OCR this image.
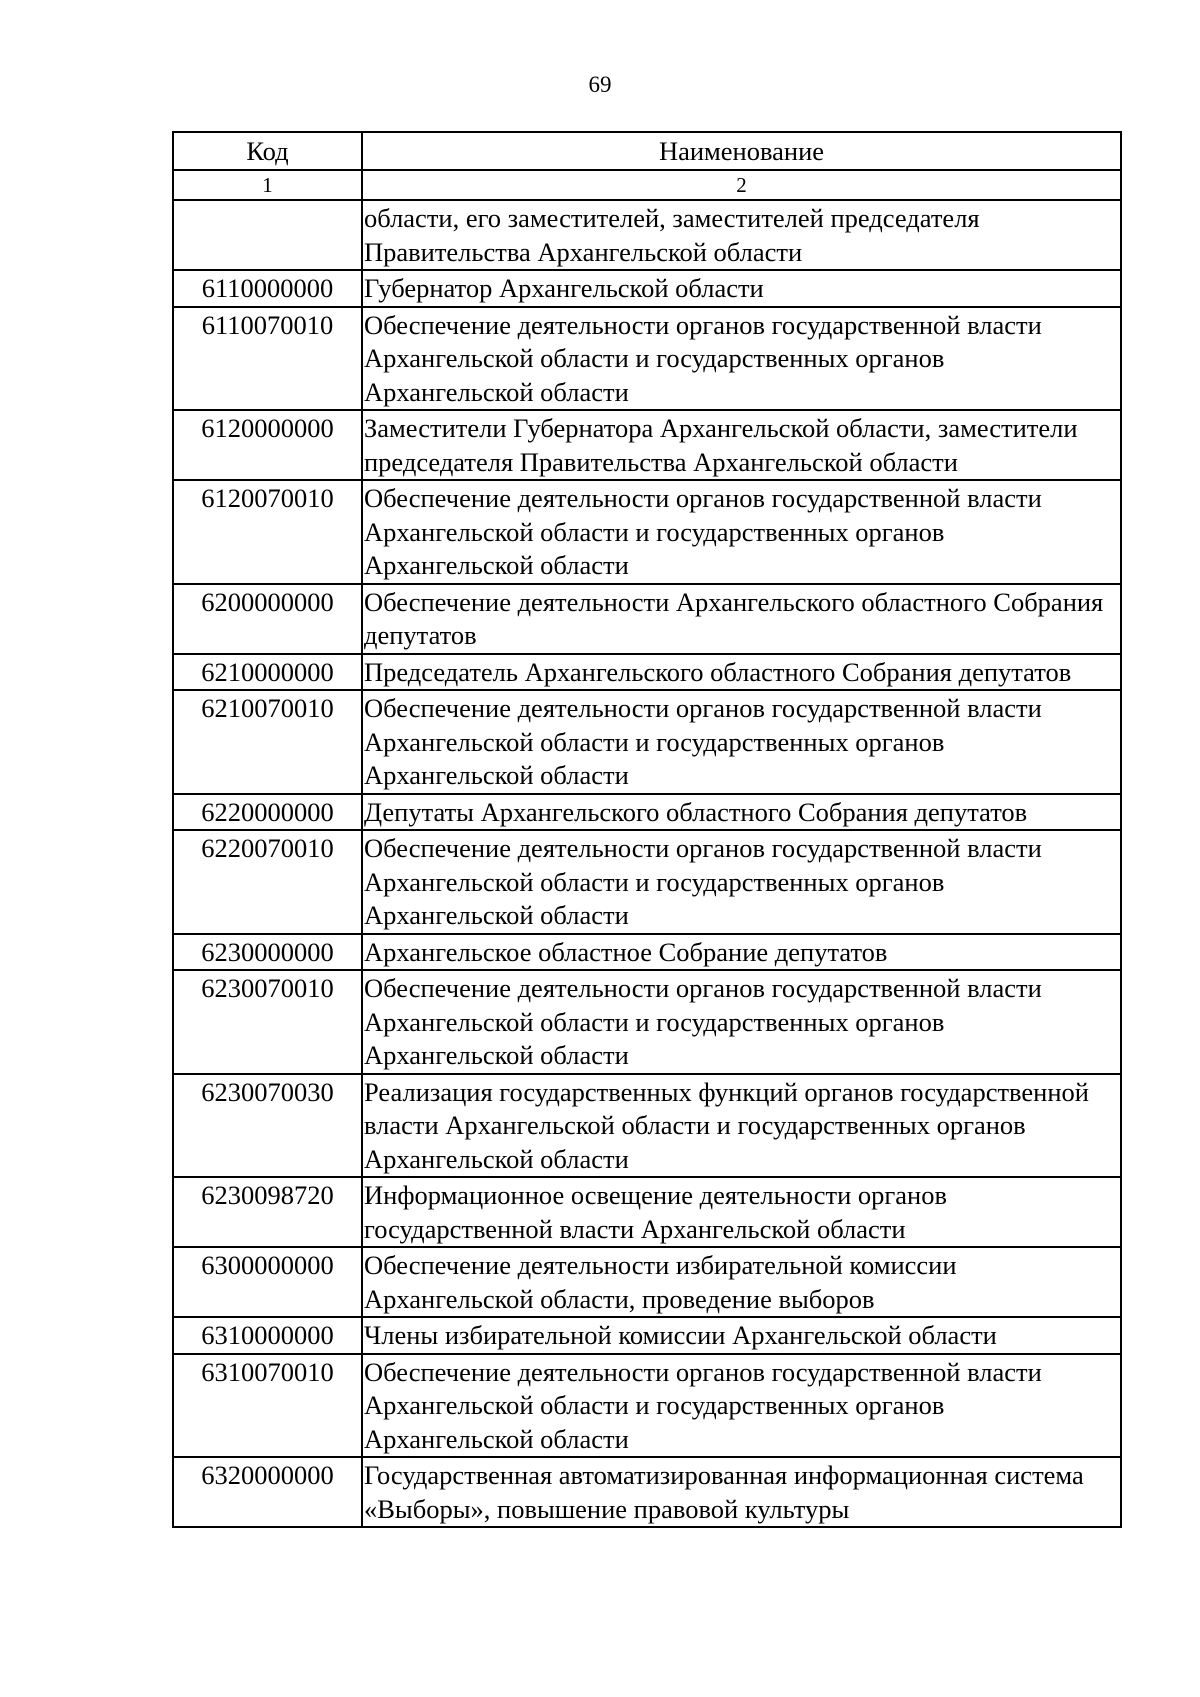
69
Код	Наименование
1	2
	области, его заместителей, заместителей председателя Правительства Архангельской области
6110000000	Губернатор Архангельской области
6110070010	Обеспечение деятельности органов государственной власти Архангельской области и государственных органов Архангельской области
6120000000	Заместители Губернатора Архангельской области, заместители председателя Правительства Архангельской области
6120070010	Обеспечение деятельности органов государственной власти Архангельской области и государственных органов Архангельской области
6200000000	Обеспечение деятельности Архангельского областного Собрания депутатов
6210000000	Председатель Архангельского областного Собрания депутатов
6210070010	Обеспечение деятельности органов государственной власти Архангельской области и государственных органов Архангельской области
6220000000	Депутаты Архангельского областного Собрания депутатов
6220070010	Обеспечение деятельности органов государственной власти Архангельской области и государственных органов Архангельской области
6230000000	Архангельское областное Собрание депутатов
6230070010	Обеспечение деятельности органов государственной власти Архангельской области и государственных органов Архангельской области
6230070030	Реализация государственных функций органов государственной власти Архангельской области и государственных органов Архангельской области
6230098720	Информационное освещение деятельности органов государственной власти Архангельской области
6300000000	Обеспечение деятельности избирательной комиссии Архангельской области, проведение выборов
6310000000	Члены избирательной комиссии Архангельской области
6310070010	Обеспечение деятельности органов государственной власти Архангельской области и государственных органов Архангельской области
6320000000	Государственная автоматизированная информационная система «Выборы», повышение правовой культуры
